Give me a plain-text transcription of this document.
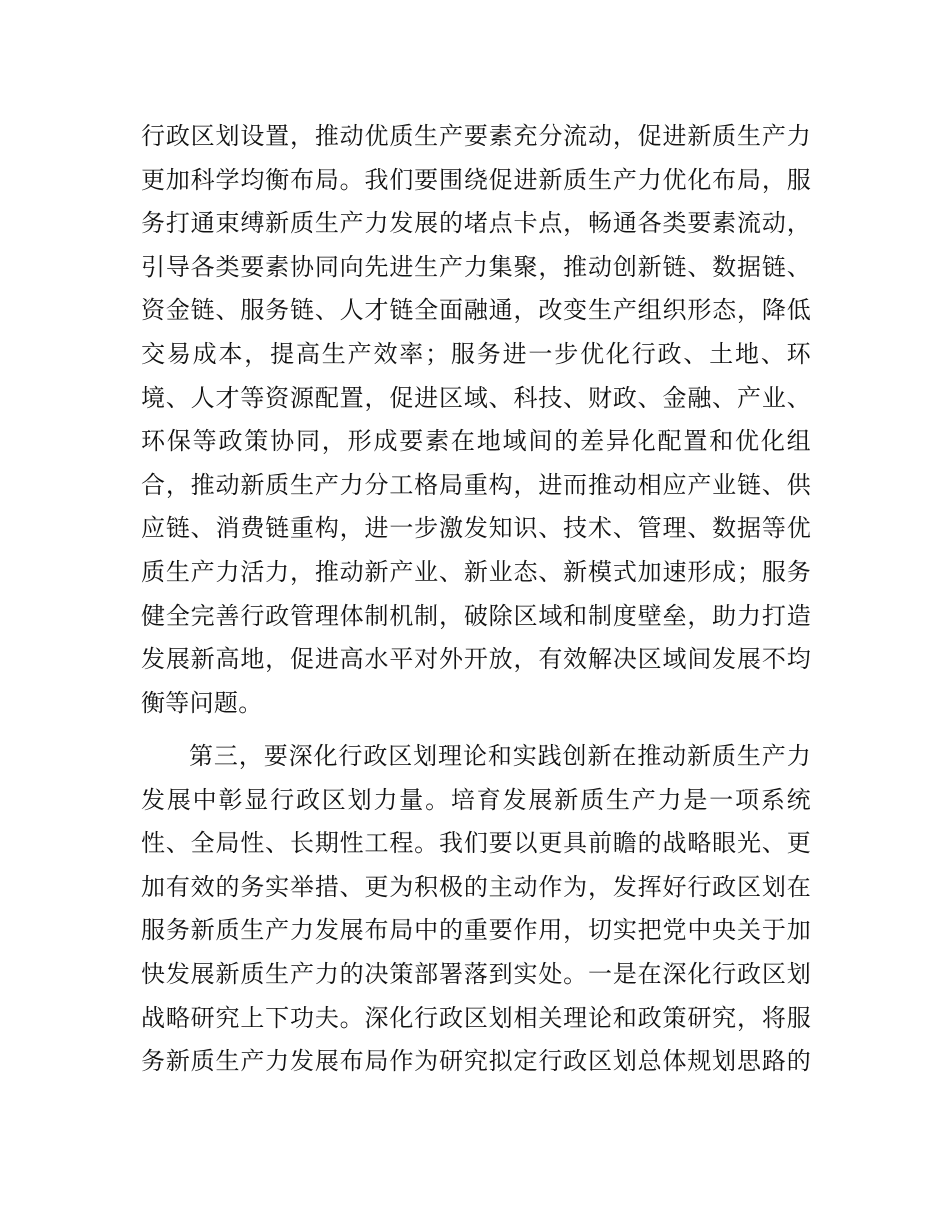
行政区划设置，推动优质生产要素充分流动，促进新质生产力
更加科学均衡布局。我们要围绕促进新质生产力优化布局，服
务打通束缚新质生产力发展的堵点卡点，畅通各类要素流动，
引导各类要素协同向先进生产力集聚，推动创新链、数据链、
资金链、服务链、人才链全面融通，改变生产组织形态，降低
交易成本，提高生产效率；服务进一步优化行政、土地、环
境、人才等资源配置，促进区域、科技、财政、金融、产业、
环保等政策协同，形成要素在地域间的差异化配置和优化组
合，推动新质生产力分工格局重构，进而推动相应产业链、供
应链、消费链重构，进一步激发知识、技术、管理、数据等优
质生产力活力，推动新产业、新业态、新模式加速形成；服务
健全完善行政管理体制机制，破除区域和制度壁垒，助力打造
发展新高地，促进高水平对外开放，有效解决区域间发展不均
衡等问题。
第三，要深化行政区划理论和实践创新在推动新质生产力
发展中彰显行政区划力量。培育发展新质生产力是一项系统
性、全局性、长期性工程。我们要以更具前瞻的战略眼光、更
加有效的务实举措、更为积极的主动作为，发挥好行政区划在
服务新质生产力发展布局中的重要作用，切实把党中央关于加
快发展新质生产力的决策部署落到实处。一是在深化行政区划
战略研究上下功夫。深化行政区划相关理论和政策研究，将服
务新质生产力发展布局作为研究拟定行政区划总体规划思路的
